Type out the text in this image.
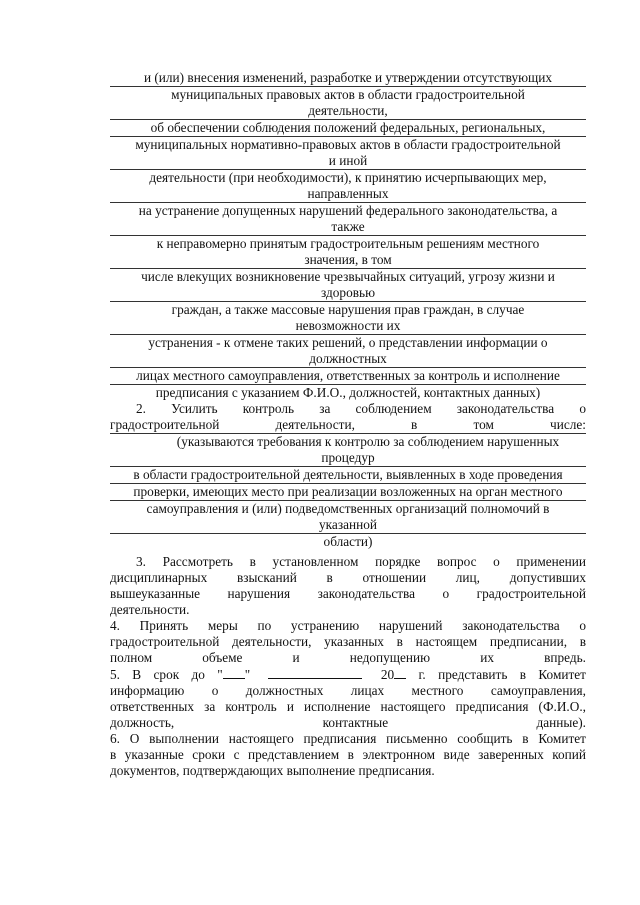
и (или) внесения изменений, разработке и утверждении отсутствующих
муниципальных правовых актов в области градостроительной
деятельности,
об обеспечении соблюдения положений федеральных, региональных,
муниципальных нормативно-правовых актов в области градостроительной
и иной
деятельности (при необходимости), к принятию исчерпывающих мер,
направленных
на устранение допущенных нарушений федерального законодательства, а
также
к неправомерно принятым градостроительным решениям местного
значения, в том
числе влекущих возникновение чрезвычайных ситуаций, угрозу жизни и
здоровью
граждан, а также массовые нарушения прав граждан, в случае
невозможности их
устранения - к отмене таких решений, о представлении информации о
должностных
лицах местного самоуправления, ответственных за контроль и исполнение
предписания с указанием Ф.И.О., должностей, контактных данных)
2.    Усилить    контроль    за    соблюдением    законодательства    о
градостроительной    деятельности,    в    том    числе:
(указываются требования к контролю за соблюдением нарушенных
процедур
в области градостроительной деятельности, выявленных в ходе проведения
проверки, имеющих место при реализации возложенных на орган местного
самоуправления и (или) подведомственных организаций полномочий в
указанной
области)
3. Рассмотреть в установленном порядке вопрос о применении
дисциплинарных взысканий в отношении лиц, допустивших
вышеуказанные нарушения законодательства о градостроительной
деятельности.
4. Принять меры по устранению нарушений законодательства о
градостроительной деятельности, указанных в настоящем предписании, в
полном объеме и недопущению их впредь.
5. В срок до " "	20 г. представить в Комитет
информацию о должностных лицах местного самоуправления,
ответственных за контроль и исполнение настоящего предписания (Ф.И.О.,
должность, контактные данные).
6. О выполнении настоящего предписания письменно сообщить в Комитет
в указанные сроки с представлением в электронном виде заверенных копий
документов, подтверждающих выполнение предписания.
